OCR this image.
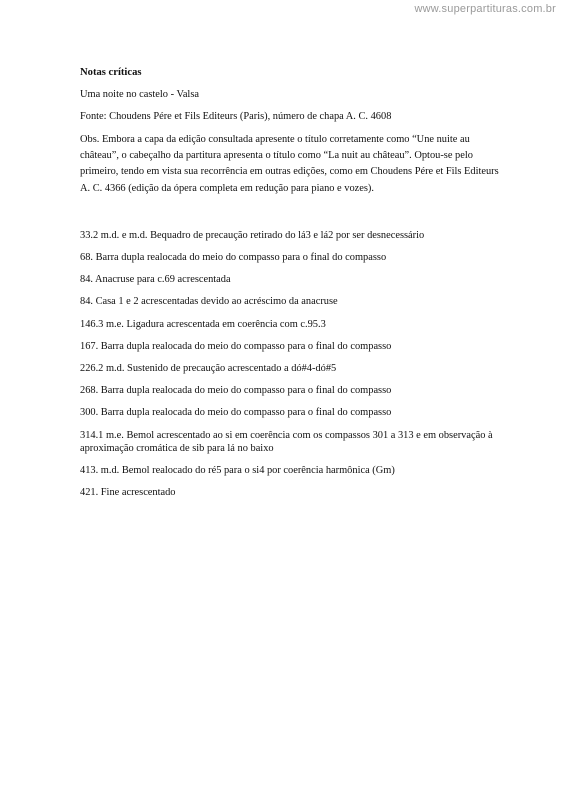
www.superpartituras.com.br

Notas críticas

Uma noite no castelo - Valsa

Fonte: Choudens Pére et Fils Editeurs (Paris), número de chapa A. C. 4608

Obs. Embora a capa da edição consultada apresente o título corretamente como “Une nuite au château”, o cabeçalho da partitura apresenta o título como “La nuit au château”. Optou-se pelo primeiro, tendo em vista sua recorrência em outras edições, como em Choudens Pére et Fils Editeurs A. C. 4366 (edição da ópera completa em redução para piano e vozes).

33.2 m.d. e m.d. Bequadro de precaução retirado do lá3 e lá2 por ser desnecessário

68. Barra dupla realocada do meio do compasso para o final do compasso

84. Anacruse para c.69 acrescentada

84. Casa 1 e 2 acrescentadas devido ao acréscimo da anacruse

146.3 m.e. Ligadura acrescentada em coerência com c.95.3

167. Barra dupla realocada do meio do compasso para o final do compasso

226.2 m.d. Sustenido de precaução acrescentado a dó#4-dó#5

268. Barra dupla realocada do meio do compasso para o final do compasso

300. Barra dupla realocada do meio do compasso para o final do compasso

314.1 m.e. Bemol acrescentado ao si em coerência com os compassos 301 a 313 e em observação à aproximação cromática de sib para lá no baixo

413. m.d. Bemol realocado do ré5 para o si4 por coerência harmônica (Gm)

421. Fine acrescentado
